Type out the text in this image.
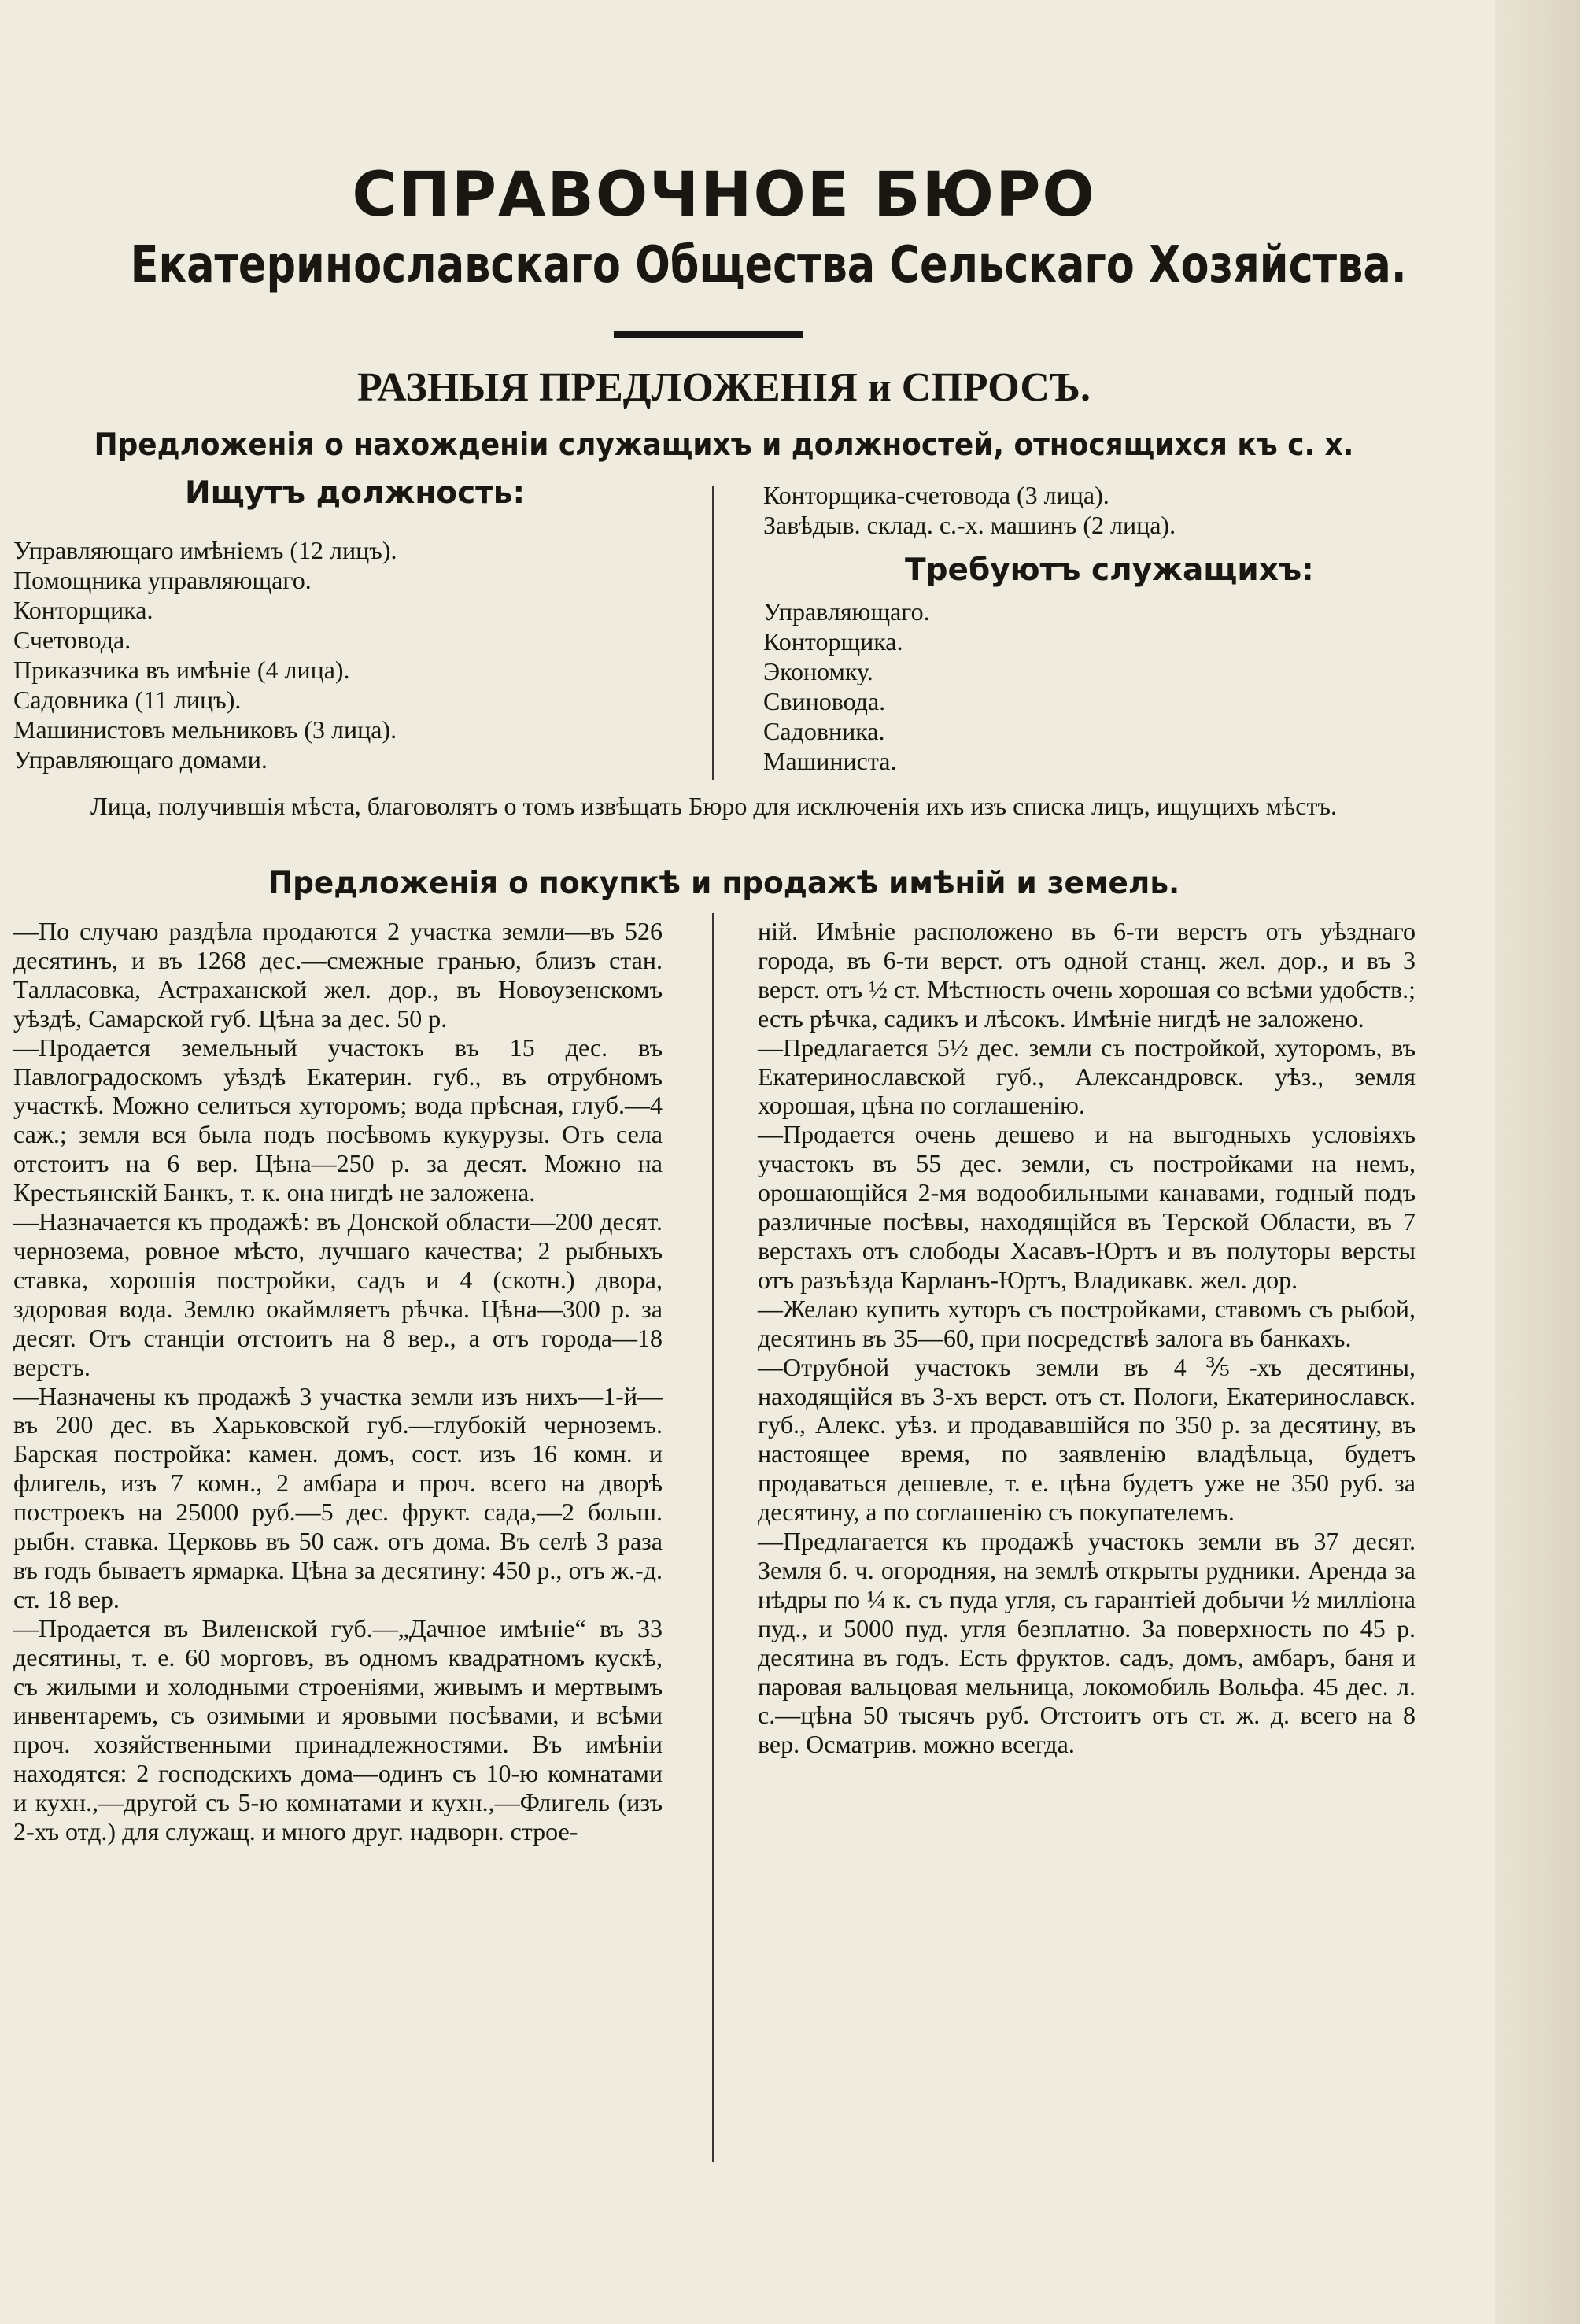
СПРАВОЧНОЕ БЮРО
Екатеринославскаго Общества Сельскаго Хозяйства.
РАЗНЫЯ ПРЕДЛОЖЕНІЯ и СПРОСЪ.
Предложенія о нахожденіи служащихъ и должностей, относящихся къ с. х.
Ищутъ должность:
Управляющаго имѣніемъ (12 лицъ).
Помощника управляющаго.
Конторщика.
Счетовода.
Приказчика въ имѣніе (4 лица).
Садовника (11 лицъ).
Машинистовъ мельниковъ (3 лица).
Управляющаго домами.
Конторщика-счетовода (3 лица).
Завѣдыв. склад. с.-х. машинъ (2 лица).
Требуютъ служащихъ:
Управляющаго.
Конторщика.
Экономку.
Свиновода.
Садовника.
Машиниста.

Лица, получившія мѣста, благоволятъ о томъ извѣщать Бюро для исключенія ихъ изъ списка лицъ, ищущихъ мѣстъ.

Предложенія о покупкѣ и продажѣ имѣній и земель.

—По случаю раздѣла продаются 2 участка земли—въ 526 десятинъ, и въ 1268 дес.—смежные гранью, близъ стан. Талласовка, Астраханской жел. дор., въ Новоузенскомъ уѣздѣ, Самарской губ. Цѣна за дес. 50 р.

—Продается земельный участокъ въ 15 дес. въ Павлоградоскомъ уѣздѣ Екатерин. губ., въ отрубномъ участкѣ. Можно селиться хуторомъ; вода прѣсная, глуб.—4 саж.; земля вся была подъ посѣвомъ кукурузы. Отъ села отстоитъ на 6 вер. Цѣна—250 р. за десят. Можно на Крестьянскій Банкъ, т. к. она нигдѣ не заложена.

—Назначается къ продажѣ: въ Донской области—200 десят. чернозема, ровное мѣсто, лучшаго качества; 2 рыбныхъ ставка, хорошія постройки, садъ и 4 (скотн.) двора, здоровая вода. Землю окаймляетъ рѣчка. Цѣна—300 р. за десят. Отъ станціи отстоитъ на 8 вер., а отъ города—18 верстъ.

—Назначены къ продажѣ 3 участка земли изъ нихъ—1-й—въ 200 дес. въ Харьковской губ.—глубокій черноземъ. Барская постройка: камен. домъ, сост. изъ 16 комн. и флигель, изъ 7 комн., 2 амбара и проч. всего на дворѣ построекъ на 25000 руб.—5 дес. фрукт. сада,—2 больш. рыбн. ставка. Церковь въ 50 саж. отъ дома. Въ селѣ 3 раза въ годъ бываетъ ярмарка. Цѣна за десятину: 450 р., отъ ж.-д. ст. 18 вер.

—Продается въ Виленской губ.—„Дачное имѣніе“ въ 33 десятины, т. е. 60 морговъ, въ одномъ квадратномъ кускѣ, съ жилыми и холодными строеніями, живымъ и мертвымъ инвентаремъ, съ озимыми и яровыми посѣвами, и всѣми проч. хозяйственными принадлежностями. Въ имѣніи находятся: 2 господскихъ дома—одинъ съ 10-ю комнатами и кухн.,—другой съ 5-ю комнатами и кухн.,—Флигель (изъ 2-хъ отд.) для служащ. и много друг. надворн. строе-

ній. Имѣніе расположено въ 6-ти верстъ отъ уѣзднаго города, въ 6-ти верст. отъ одной станц. жел. дор., и въ 3 верст. отъ ½ ст. Мѣстность очень хорошая со всѣми удобств.; есть рѣчка, садикъ и лѣсокъ. Имѣніе нигдѣ не заложено.

—Предлагается 5½ дес. земли съ постройкой, хуторомъ, въ Екатеринославской губ., Александровск. уѣз., земля хорошая, цѣна по соглашенію.

—Продается очень дешево и на выгодныхъ условіяхъ участокъ въ 55 дес. земли, съ постройками на немъ, орошающійся 2-мя водообильными канавами, годный подъ различные посѣвы, находящійся въ Терской Области, въ 7 верстахъ отъ слободы Хасавъ-Юртъ и въ полуторы версты отъ разъѣзда Карланъ-Юртъ, Владикавк. жел. дор.

—Желаю купить хуторъ съ постройками, ставомъ съ рыбой, десятинъ въ 35—60, при посредствѣ залога въ банкахъ.

—Отрубной участокъ земли въ 4⅗-хъ десятины, находящійся въ 3-хъ верст. отъ ст. Пологи, Екатеринославск. губ., Алекс. уѣз. и продававшійся по 350 р. за десятину, въ настоящее время, по заявленію владѣльца, будетъ продаваться дешевле, т. е. цѣна будетъ уже не 350 руб. за десятину, а по соглашенію съ покупателемъ.

—Предлагается къ продажѣ участокъ земли въ 37 десят. Земля б. ч. огородняя, на землѣ открыты рудники. Аренда за нѣдры по ¼ к. съ пуда угля, съ гарантіей добычи ½ милліона пуд., и 5000 пуд. угля безплатно. За поверхность по 45 р. десятина въ годъ. Есть фруктов. садъ, домъ, амбаръ, баня и паровая вальцовая мельница, локомобиль Вольфа. 45 дес. л. с.—цѣна 50 тысячъ руб. Отстоитъ отъ ст. ж. д. всего на 8 вер. Осматрив. можно всегда.
